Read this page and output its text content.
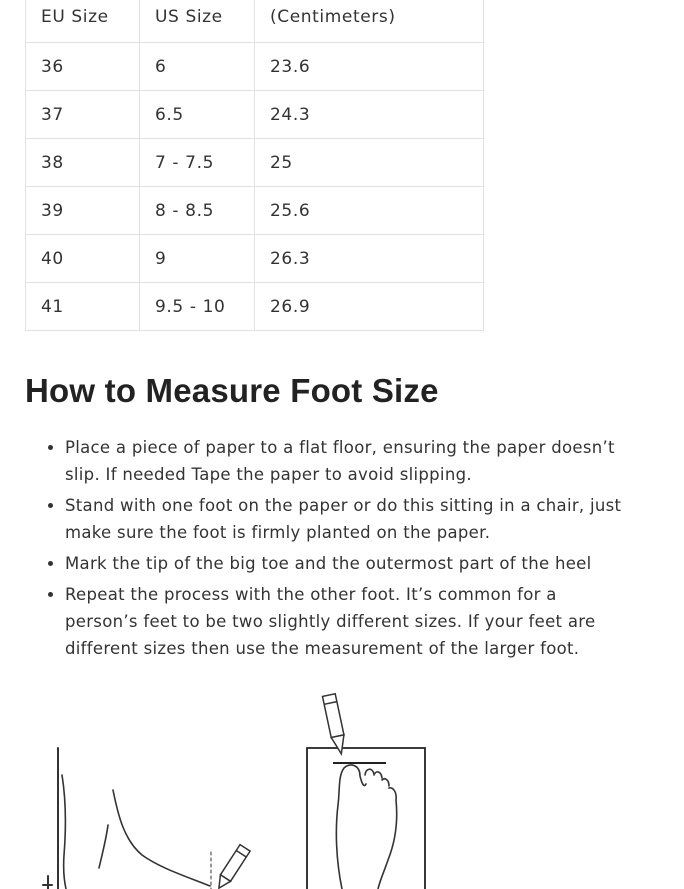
EU Size	US Size	(Centimeters)
36	6	23.6
37	6.5	24.3
38	7 - 7.5	25
39	8 - 8.5	25.6
40	9	26.3
41	9.5 - 10	26.9
How to Measure Foot Size
• Place a piece of paper to a flat floor, ensuring the paper doesn’t slip. If needed Tape the paper to avoid slipping.
• Stand with one foot on the paper or do this sitting in a chair, just make sure the foot is firmly planted on the paper.
• Mark the tip of the big toe and the outermost part of the heel
• Repeat the process with the other foot. It’s common for a person’s feet to be two slightly different sizes. If your feet are different sizes then use the measurement of the larger foot.
